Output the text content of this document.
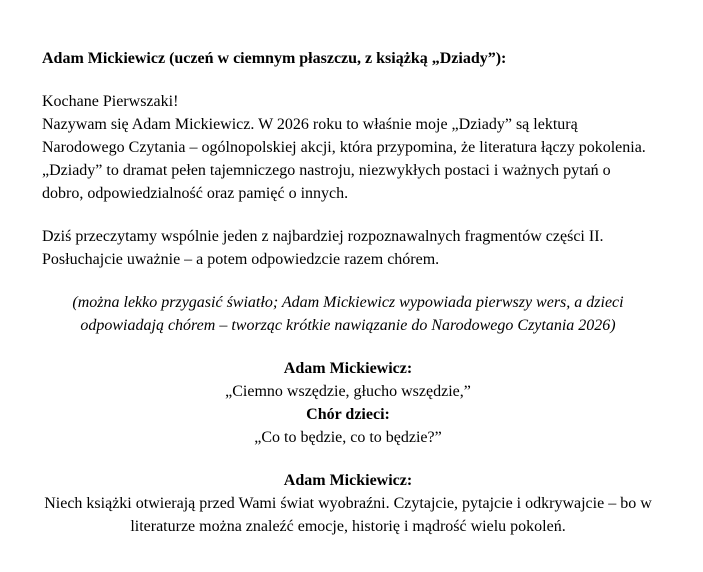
Adam Mickiewicz (uczeń w ciemnym płaszczu, z książką „Dziady”):

Kochane Pierwszaki!

Nazywam się Adam Mickiewicz. W 2026 roku to właśnie moje „Dziady” są lekturą Narodowego Czytania – ogólnopolskiej akcji, która przypomina, że literatura łączy pokolenia.

„Dziady” to dramat pełen tajemniczego nastroju, niezwykłych postaci i ważnych pytań o dobro, odpowiedzialność oraz pamięć o innych.

Dziś przeczytamy wspólnie jeden z najbardziej rozpoznawalnych fragmentów części II. Posłuchajcie uważnie – a potem odpowiedzcie razem chórem.

(można lekko przygasić światło; Adam Mickiewicz wypowiada pierwszy wers, a dzieci odpowiadają chórem – tworząc krótkie nawiązanie do Narodowego Czytania 2026)

Adam Mickiewicz:

„Ciemno wszędzie, głucho wszędzie,”

Chór dzieci:

„Co to będzie, co to będzie?”

Adam Mickiewicz:

Niech książki otwierają przed Wami świat wyobraźni. Czytajcie, pytajcie i odkrywajcie – bo w literaturze można znaleźć emocje, historię i mądrość wielu pokoleń.
